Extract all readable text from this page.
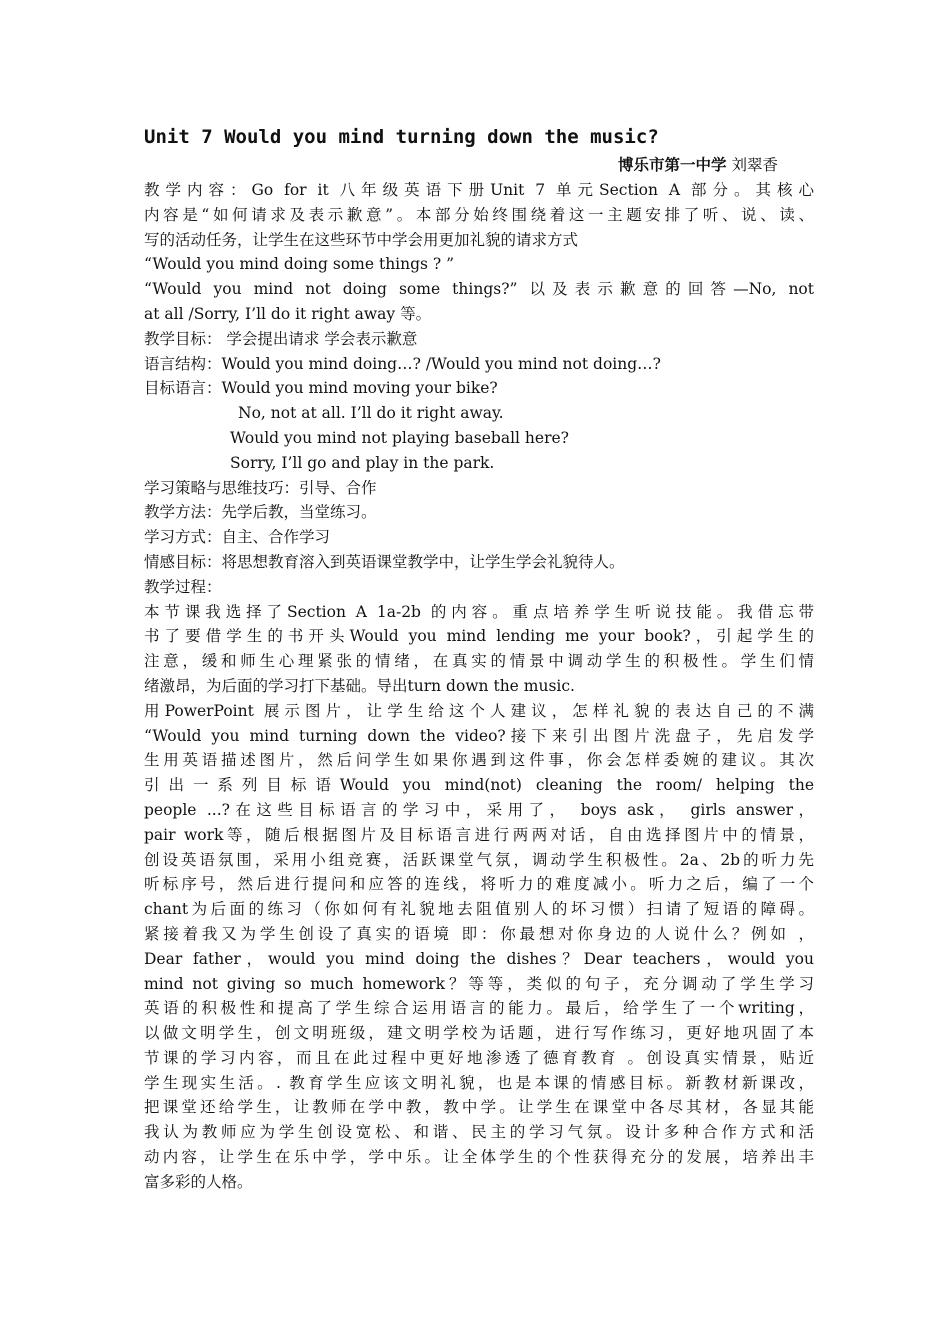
Unit 7 Would you mind turning down the music?
博乐市第一中学 刘翠香
教学内容：Go for it 八年级英语下册Unit 7 单元Section A 部分。其核心
内容是“如何请求及表示歉意”。本部分始终围绕着这一主题安排了听、说、读、
写的活动任务，让学生在这些环节中学会用更加礼貌的请求方式
“Would you mind doing some things ? ”
“Would you mind not doing some things?” 以及表示歉意的回答—No, not
at all /Sorry, I’ll do it right away 等。
教学目标： 学会提出请求 学会表示歉意
语言结构：Would you mind doing…? /Would you mind not doing…?
目标语言：Would you mind moving your bike?
No, not at all. I’ll do it right away.
Would you mind not playing baseball here?
Sorry, I’ll go and play in the park.
学习策略与思维技巧：引导、合作
教学方法：先学后教，当堂练习。
学习方式：自主、合作学习
情感目标：将思想教育溶入到英语课堂教学中，让学生学会礼貌待人。
教学过程：
本节课我选择了Section A 1a-2b 的内容。重点培养学生听说技能。我借忘带
书了要借学生的书开头Would you mind lending me your book?，引起学生的
注意，缓和师生心理紧张的情绪，在真实的情景中调动学生的积极性。学生们情
绪激昂，为后面的学习打下基础。导出turn down the music.
用PowerPoint 展示图片，让学生给这个人建议，怎样礼貌的表达自己的不满
“Would you mind turning down the video?接下来引出图片洗盘子，先启发学
生用英语描述图片，然后问学生如果你遇到这件事，你会怎样委婉的建议。其次
引出一系列目标语Would you mind(not) cleaning the room/ helping the
people ...?在这些目标语言的学习中，采用了， boys ask， girls answer，
pair work等，随后根据图片及目标语言进行两两对话，自由选择图片中的情景，
创设英语氛围，采用小组竞赛，活跃课堂气氛，调动学生积极性。2a、2b的听力先
听标序号，然后进行提问和应答的连线，将听力的难度减小。听力之后，编了一个
chant为后面的练习（你如何有礼貌地去阻值别人的坏习惯）扫请了短语的障碍。
紧接着我又为学生创设了真实的语境 即：你最想对你身边的人说什么？例如 ，
Dear father，would you mind doing the dishes？Dear teachers，would you
mind not giving so much homework？等等，类似的句子，充分调动了学生学习
英语的积极性和提高了学生综合运用语言的能力。最后，给学生了一个writing，
以做文明学生，创文明班级，建文明学校为话题，进行写作练习，更好地巩固了本
节课的学习内容，而且在此过程中更好地渗透了德育教育 。创设真实情景，贴近
学生现实生活。. 教育学生应该文明礼貌，也是本课的情感目标。新教材新课改，
把课堂还给学生，让教师在学中教，教中学。让学生在课堂中各尽其材，各显其能
我认为教师应为学生创设宽松、和谐、民主的学习气氛。设计多种合作方式和活
动内容，让学生在乐中学，学中乐。让全体学生的个性获得充分的发展，培养出丰
富多彩的人格。
